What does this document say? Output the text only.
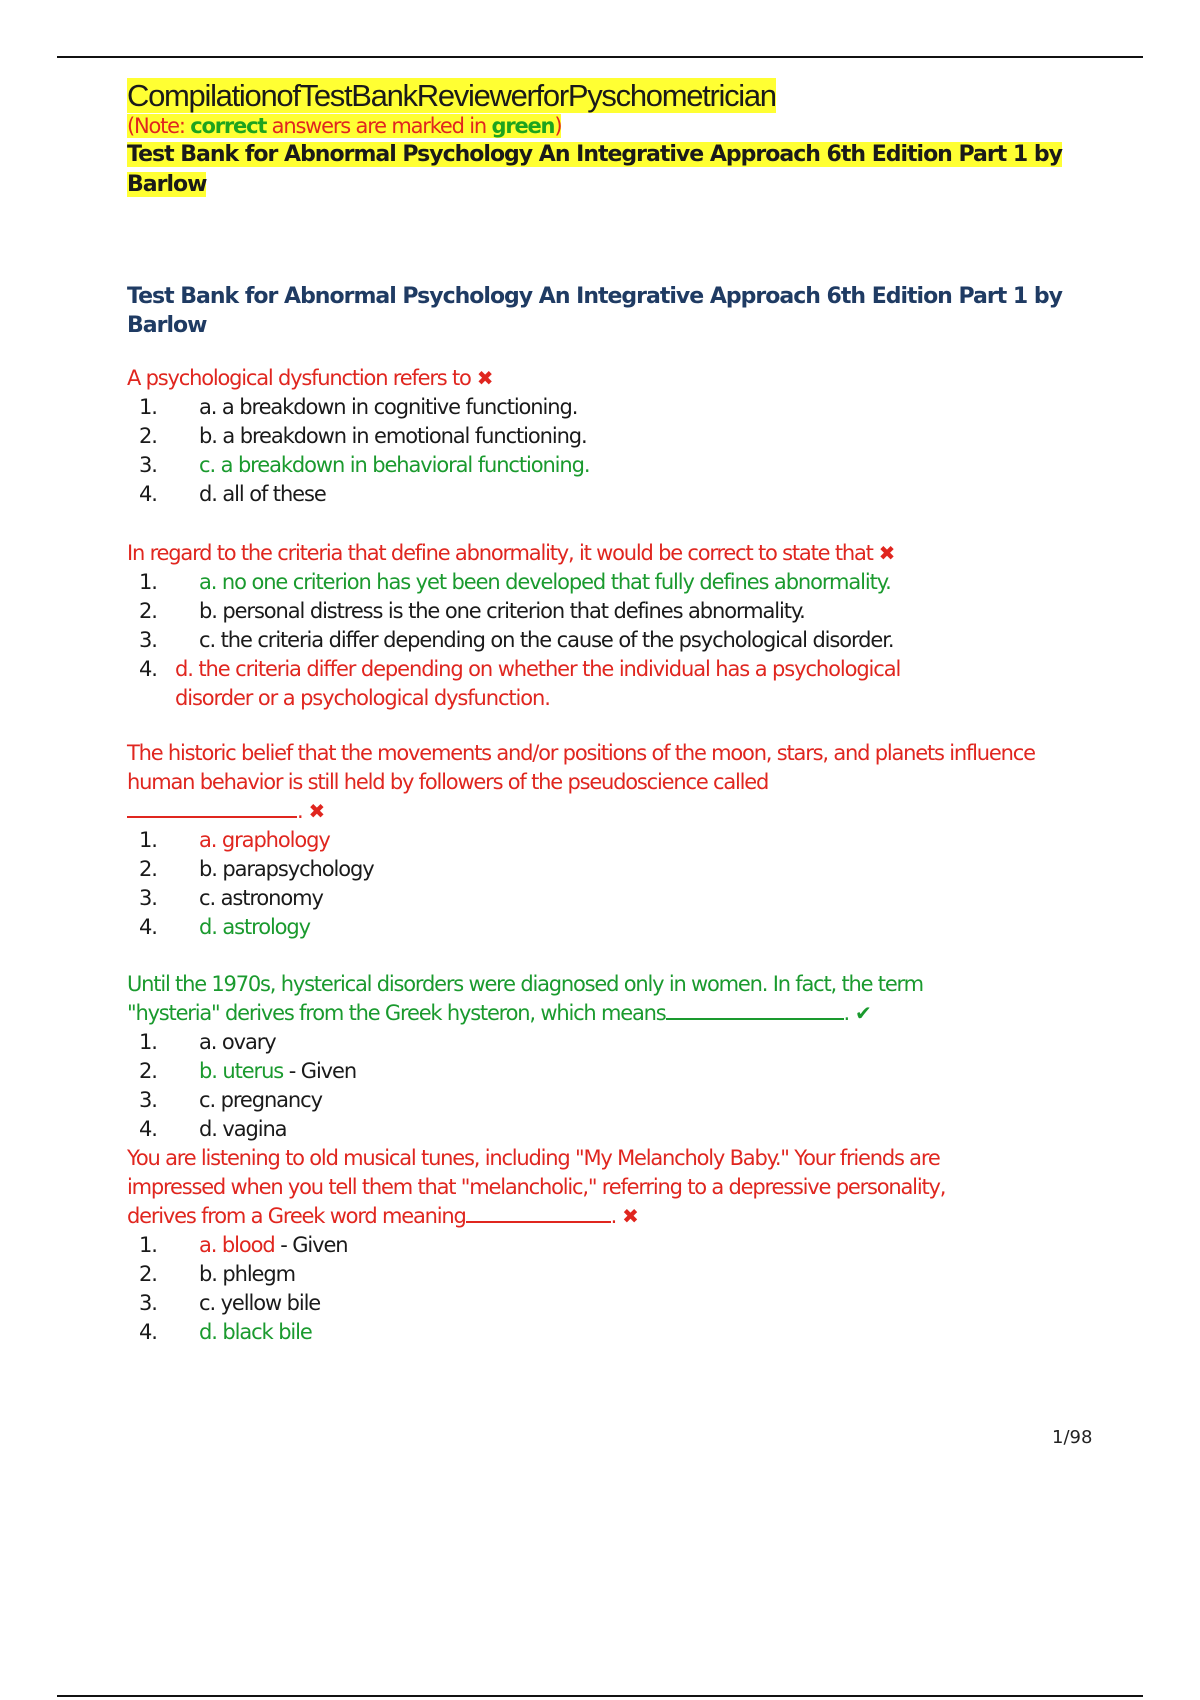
CompilationofTestBankReviewerforPyschometrician
(Note: correct answers are marked in green)
Test Bank for Abnormal Psychology An Integrative Approach 6th Edition Part 1 by
Barlow
Test Bank for Abnormal Psychology An Integrative Approach 6th Edition Part 1 by
Barlow
A psychological dysfunction refers to ✖
1. a. a breakdown in cognitive functioning.
2. b. a breakdown in emotional functioning.
3. c. a breakdown in behavioral functioning.
4. d. all of these
In regard to the criteria that define abnormality, it would be correct to state that ✖
1. a. no one criterion has yet been developed that fully defines abnormality.
2. b. personal distress is the one criterion that defines abnormality.
3. c. the criteria differ depending on the cause of the psychological disorder.
4. d. the criteria differ depending on whether the individual has a psychological
disorder or a psychological dysfunction.
The historic belief that the movements and/or positions of the moon, stars, and planets influence
human behavior is still held by followers of the pseudoscience called
. ✖
1. a. graphology
2. b. parapsychology
3. c. astronomy
4. d. astrology
Until the 1970s, hysterical disorders were diagnosed only in women. In fact, the term
"hysteria" derives from the Greek hysteron, which means	. ✔
1. a. ovary
2. b. uterus - Given
3. c. pregnancy
4. d. vagina
You are listening to old musical tunes, including "My Melancholy Baby." Your friends are
impressed when you tell them that "melancholic," referring to a depressive personality,
derives from a Greek word meaning	. ✖
1. a. blood - Given
2. b. phlegm
3. c. yellow bile
4. d. black bile
1/98
